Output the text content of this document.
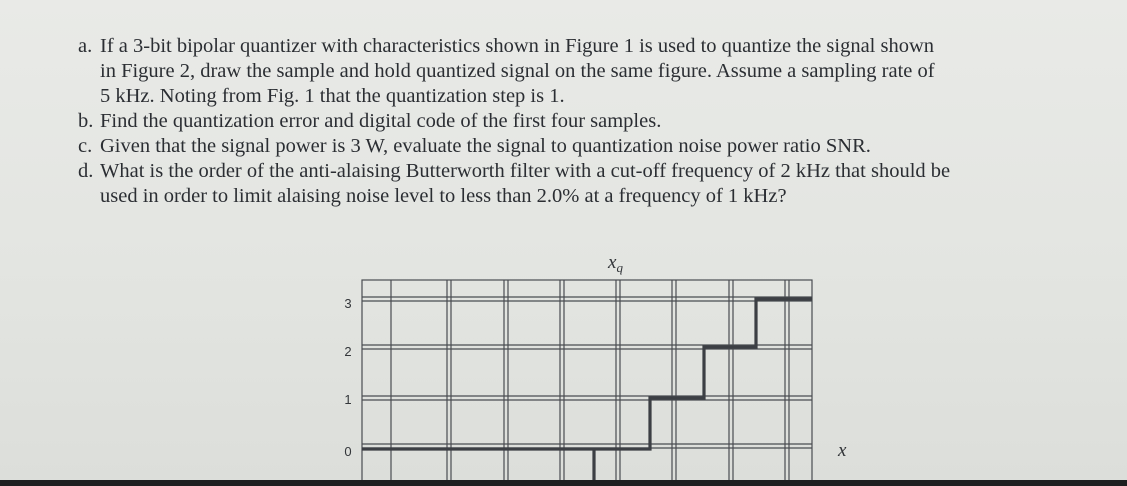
a. If a 3-bit bipolar quantizer with characteristics shown in Figure 1 is used to quantize the signal shown
in Figure 2, draw the sample and hold quantized signal on the same figure. Assume a sampling rate of
5 kHz. Noting from Fig. 1 that the quantization step is 1.
b. Find the quantization error and digital code of the first four samples.
c. Given that the signal power is 3 W, evaluate the signal to quantization noise power ratio SNR.
d. What is the order of the anti-alaising Butterworth filter with a cut-off frequency of 2 kHz that should be
used in order to limit alaising noise level to less than 2.0% at a frequency of 1 kHz?
3
2
1
0
$x_q$
x
